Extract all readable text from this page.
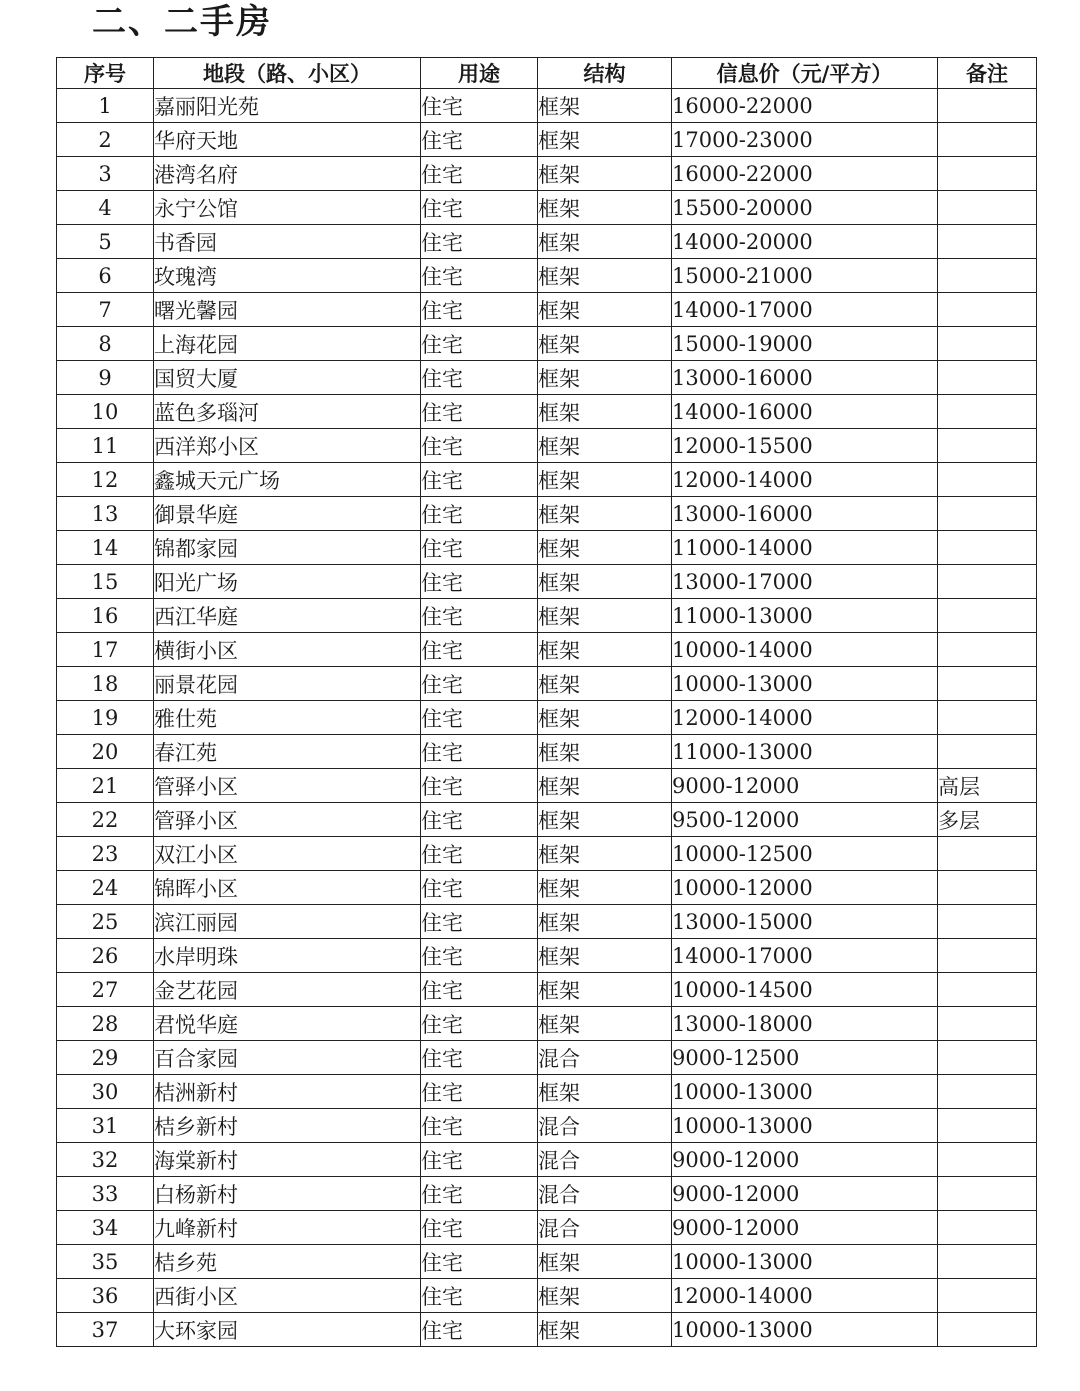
二、二手房
序号	地段（路、小区）	用途	结构	信息价（元/平方）	备注
1	嘉丽阳光苑	住宅	框架	16000-22000	
2	华府天地	住宅	框架	17000-23000	
3	港湾名府	住宅	框架	16000-22000	
4	永宁公馆	住宅	框架	15500-20000	
5	书香园	住宅	框架	14000-20000	
6	玫瑰湾	住宅	框架	15000-21000	
7	曙光馨园	住宅	框架	14000-17000	
8	上海花园	住宅	框架	15000-19000	
9	国贸大厦	住宅	框架	13000-16000	
10	蓝色多瑙河	住宅	框架	14000-16000	
11	西洋郑小区	住宅	框架	12000-15500	
12	鑫城天元广场	住宅	框架	12000-14000	
13	御景华庭	住宅	框架	13000-16000	
14	锦都家园	住宅	框架	11000-14000	
15	阳光广场	住宅	框架	13000-17000	
16	西江华庭	住宅	框架	11000-13000	
17	横街小区	住宅	框架	10000-14000	
18	丽景花园	住宅	框架	10000-13000	
19	雅仕苑	住宅	框架	12000-14000	
20	春江苑	住宅	框架	11000-13000	
21	管驿小区	住宅	框架	9000-12000	高层
22	管驿小区	住宅	框架	9500-12000	多层
23	双江小区	住宅	框架	10000-12500	
24	锦晖小区	住宅	框架	10000-12000	
25	滨江丽园	住宅	框架	13000-15000	
26	水岸明珠	住宅	框架	14000-17000	
27	金艺花园	住宅	框架	10000-14500	
28	君悦华庭	住宅	框架	13000-18000	
29	百合家园	住宅	混合	9000-12500	
30	桔洲新村	住宅	框架	10000-13000	
31	桔乡新村	住宅	混合	10000-13000	
32	海棠新村	住宅	混合	9000-12000	
33	白杨新村	住宅	混合	9000-12000	
34	九峰新村	住宅	混合	9000-12000	
35	桔乡苑	住宅	框架	10000-13000	
36	西街小区	住宅	框架	12000-14000	
37	大环家园	住宅	框架	10000-13000	
